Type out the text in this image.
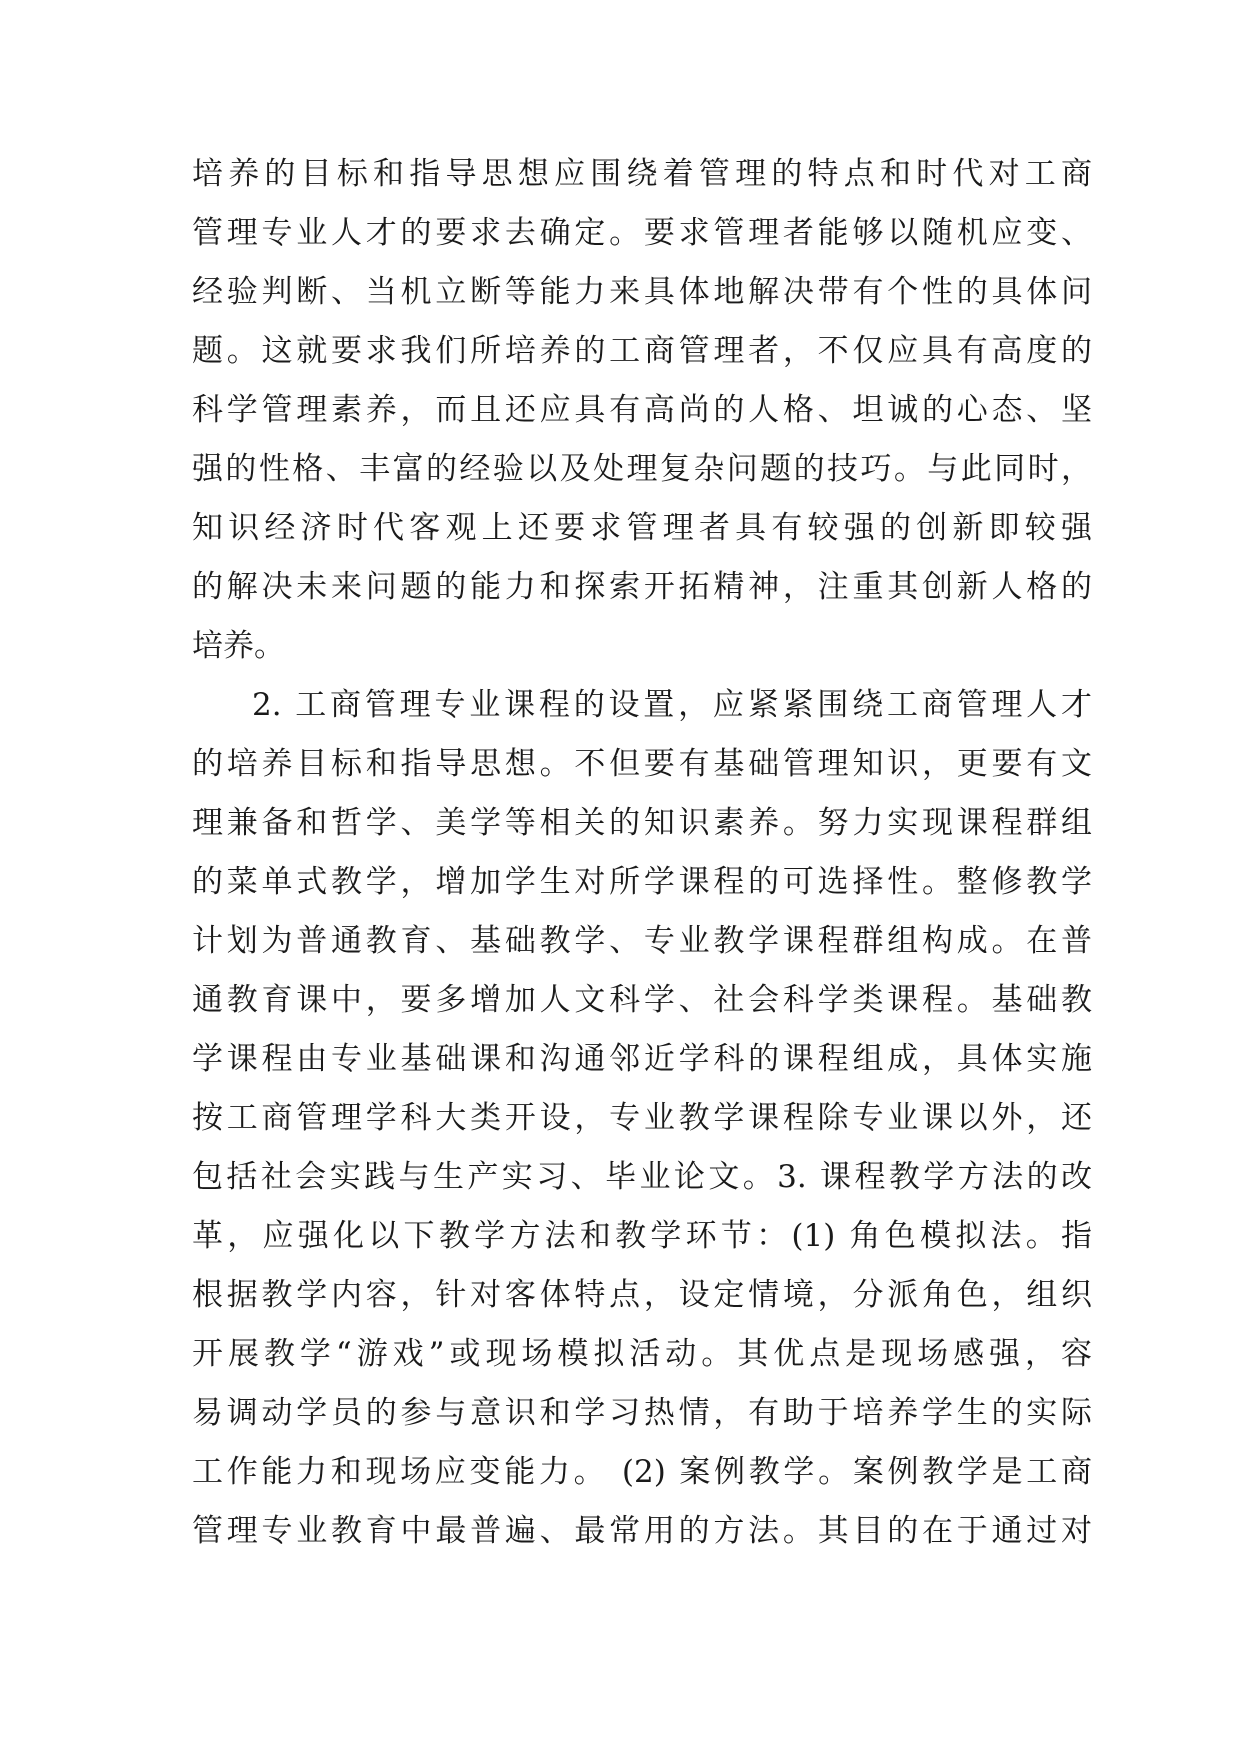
培养的目标和指导思想应围绕着管理的特点和时代对工商
管理专业人才的要求去确定。要求管理者能够以随机应变、
经验判断、当机立断等能力来具体地解决带有个性的具体问
题。这就要求我们所培养的工商管理者，不仅应具有高度的
科学管理素养，而且还应具有高尚的人格、坦诚的心态、坚
强的性格、丰富的经验以及处理复杂问题的技巧。与此同时，
知识经济时代客观上还要求管理者具有较强的创新即较强
的解决未来问题的能力和探索开拓精神，注重其创新人格的
培养。
2. 工商管理专业课程的设置，应紧紧围绕工商管理人才
的培养目标和指导思想。不但要有基础管理知识，更要有文
理兼备和哲学、美学等相关的知识素养。努力实现课程群组
的菜单式教学，增加学生对所学课程的可选择性。整修教学
计划为普通教育、基础教学、专业教学课程群组构成。在普
通教育课中，要多增加人文科学、社会科学类课程。基础教
学课程由专业基础课和沟通邻近学科的课程组成，具体实施
按工商管理学科大类开设，专业教学课程除专业课以外，还
包括社会实践与生产实习、毕业论文。3. 课程教学方法的改
革，应强化以下教学方法和教学环节：(1) 角色模拟法。指
根据教学内容，针对客体特点，设定情境，分派角色，组织
开展教学“游戏”或现场模拟活动。其优点是现场感强，容
易调动学员的参与意识和学习热情，有助于培养学生的实际
工作能力和现场应变能力。 (2) 案例教学。案例教学是工商
管理专业教育中最普遍、最常用的方法。其目的在于通过对
